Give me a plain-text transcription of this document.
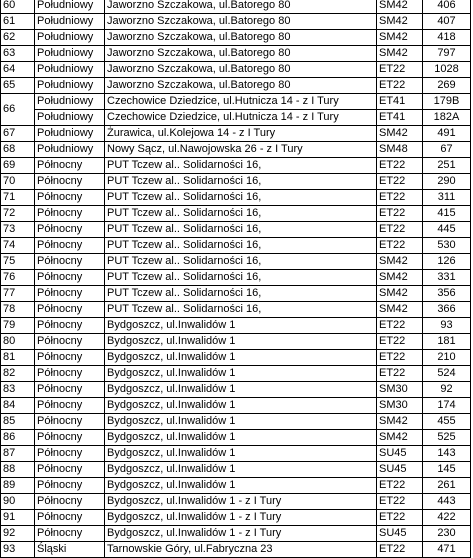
60	Południowy	Jaworzno Szczakowa, ul.Batorego 80	SM42	406
61	Południowy	Jaworzno Szczakowa, ul.Batorego 80	SM42	407
62	Południowy	Jaworzno Szczakowa, ul.Batorego 80	SM42	418
63	Południowy	Jaworzno Szczakowa, ul.Batorego 80	SM42	797
64	Południowy	Jaworzno Szczakowa, ul.Batorego 80	ET22	1028
65	Południowy	Jaworzno Szczakowa, ul.Batorego 80	ET22	269
66	Południowy	Czechowice Dziedzice, ul.Hutnicza 14 - z I Tury	ET41	179B
	Południowy	Czechowice Dziedzice, ul.Hutnicza 14 - z I Tury	ET41	182A
67	Południowy	Żurawica, ul.Kolejowa 14 - z I Tury	SM42	491
68	Południowy	Nowy Sącz, ul.Nawojowska 26 - z I Tury	SM48	67
69	Północny	PUT Tczew al.. Solidarności 16,	ET22	251
70	Północny	PUT Tczew al.. Solidarności 16,	ET22	290
71	Północny	PUT Tczew al.. Solidarności 16,	ET22	311
72	Północny	PUT Tczew al.. Solidarności 16,	ET22	415
73	Północny	PUT Tczew al.. Solidarności 16,	ET22	445
74	Północny	PUT Tczew al.. Solidarności 16,	ET22	530
75	Północny	PUT Tczew al.. Solidarności 16,	SM42	126
76	Północny	PUT Tczew al.. Solidarności 16,	SM42	331
77	Północny	PUT Tczew al.. Solidarności 16,	SM42	356
78	Północny	PUT Tczew al.. Solidarności 16,	SM42	366
79	Północny	Bydgoszcz, ul.Inwalidów 1	ET22	93
80	Północny	Bydgoszcz, ul.Inwalidów 1	ET22	181
81	Północny	Bydgoszcz, ul.Inwalidów 1	ET22	210
82	Północny	Bydgoszcz, ul.Inwalidów 1	ET22	524
83	Północny	Bydgoszcz, ul.Inwalidów 1	SM30	92
84	Północny	Bydgoszcz, ul.Inwalidów 1	SM30	174
85	Północny	Bydgoszcz, ul.Inwalidów 1	SM42	455
86	Północny	Bydgoszcz, ul.Inwalidów 1	SM42	525
87	Północny	Bydgoszcz, ul.Inwalidów 1	SU45	143
88	Północny	Bydgoszcz, ul.Inwalidów 1	SU45	145
89	Północny	Bydgoszcz, ul.Inwalidów 1	ET22	261
90	Północny	Bydgoszcz, ul.Inwalidów 1 - z I Tury	ET22	443
91	Północny	Bydgoszcz, ul.Inwalidów 1 - z I Tury	ET22	422
92	Północny	Bydgoszcz, ul.Inwalidów 1 - z I Tury	SU45	230
93	Śląski	Tarnowskie Góry, ul.Fabryczna 23	ET22	471
